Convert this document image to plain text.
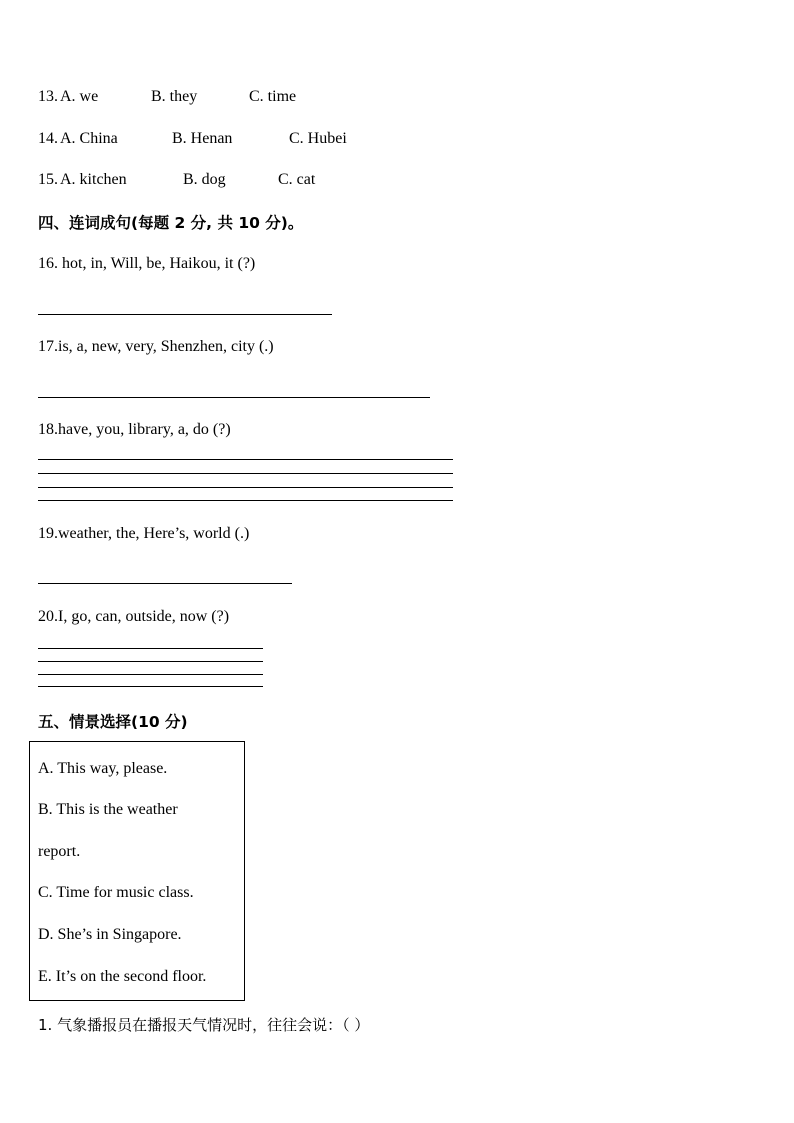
13. A. we	B. they	C. time
14. A. China	B. Henan	C. Hubei
15. A. kitchen	B. dog	C. cat
四、连词成句(每题 2 分, 共 10 分)。
16. hot, in, Will, be, Haikou, it (?)
17.is, a, new, very, Shenzhen, city (.)
18.have, you, library, a, do (?)
19.weather, the, Here’s, world (.)
20.I, go, can, outside, now (?)
五、情景选择(10 分)
A. This way, please.
B. This is the weather
report.
C. Time for music class.
D. She’s in Singapore.
E. It’s on the second floor.
1. 气象播报员在播报天气情况时，往往会说：（ ）
